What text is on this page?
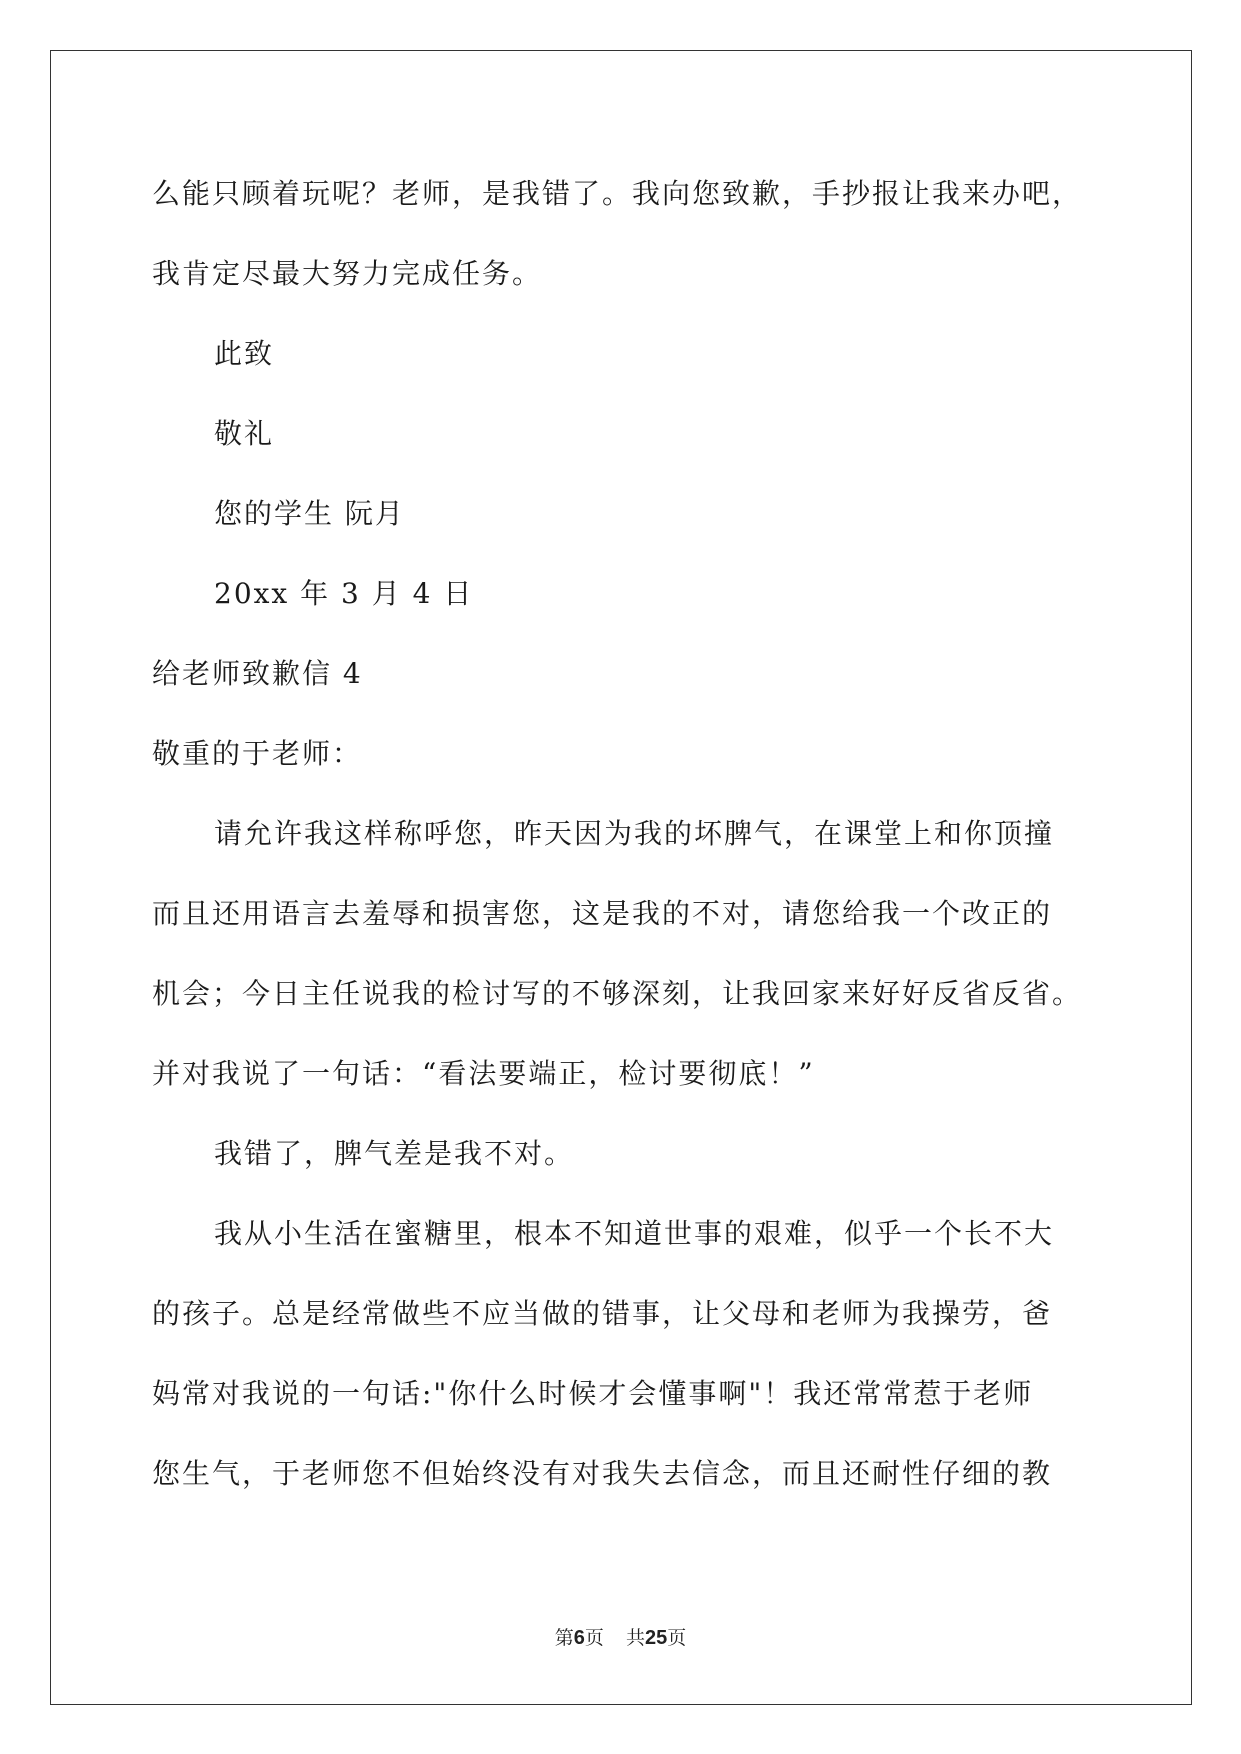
么能只顾着玩呢？老师，是我错了。我向您致歉，手抄报让我来办吧，

我肯定尽最大努力完成任务。

此致

敬礼

您的学生 阮月

20xx 年 3 月 4 日

给老师致歉信 4

敬重的于老师：

请允许我这样称呼您，昨天因为我的坏脾气，在课堂上和你顶撞

而且还用语言去羞辱和损害您，这是我的不对，请您给我一个改正的

机会；今日主任说我的检讨写的不够深刻，让我回家来好好反省反省。

并对我说了一句话：“看法要端正，检讨要彻底！”

我错了，脾气差是我不对。

我从小生活在蜜糖里，根本不知道世事的艰难，似乎一个长不大

的孩子。总是经常做些不应当做的错事，让父母和老师为我操劳，爸

妈常对我说的一句话:"你什么时候才会懂事啊"！我还常常惹于老师

您生气，于老师您不但始终没有对我失去信念，而且还耐性仔细的教

第6页 共25页
